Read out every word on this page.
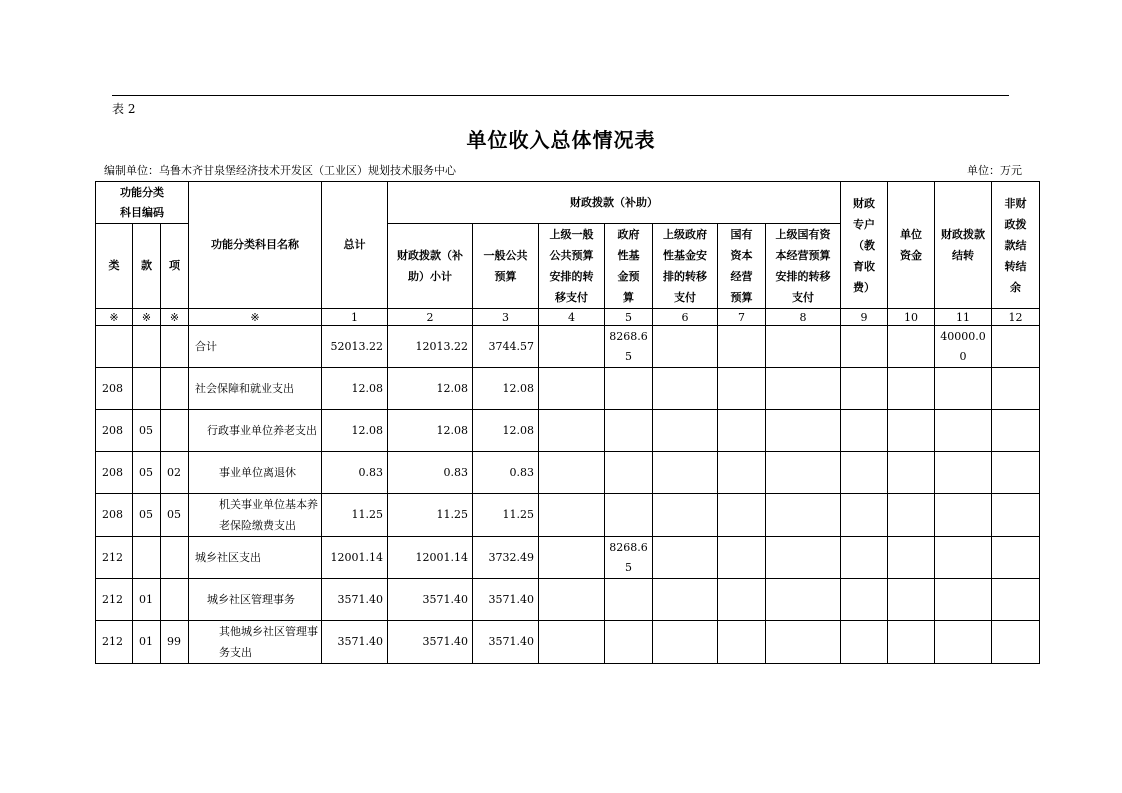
表 2
单位收入总体情况表
编制单位：乌鲁木齐甘泉堡经济技术开发区（工业区）规划技术服务中心	单位：万元
功能分类
科目编码			功能分类科目名称	总计	财政拨款（补助）							财政专户（教育收费）	单位资金	财政拨款结转	非财政拨款结转结余
类	款	项			财政拨款（补助）小计	一般公共预算	上级一般公共预算安排的转移支付	政府性基金预算	上级政府性基金安排的转移支付	国有资本经营预算	上级国有资本经营预算安排的转移支付				
※	※	※	※	1	2	3	4	5	6	7	8	9	10	11	12
			合计	52013.22	12013.22	3744.57		8268.65						40000.00	
208			社会保障和就业支出	12.08	12.08	12.08									
208	05		行政事业单位养老支出	12.08	12.08	12.08									
208	05	02	事业单位离退休	0.83	0.83	0.83									
208	05	05	机关事业单位基本养老保险缴费支出	11.25	11.25	11.25									
212			城乡社区支出	12001.14	12001.14	3732.49		8268.65							
212	01		城乡社区管理事务	3571.40	3571.40	3571.40									
212	01	99	其他城乡社区管理事务支出	3571.40	3571.40	3571.40									
